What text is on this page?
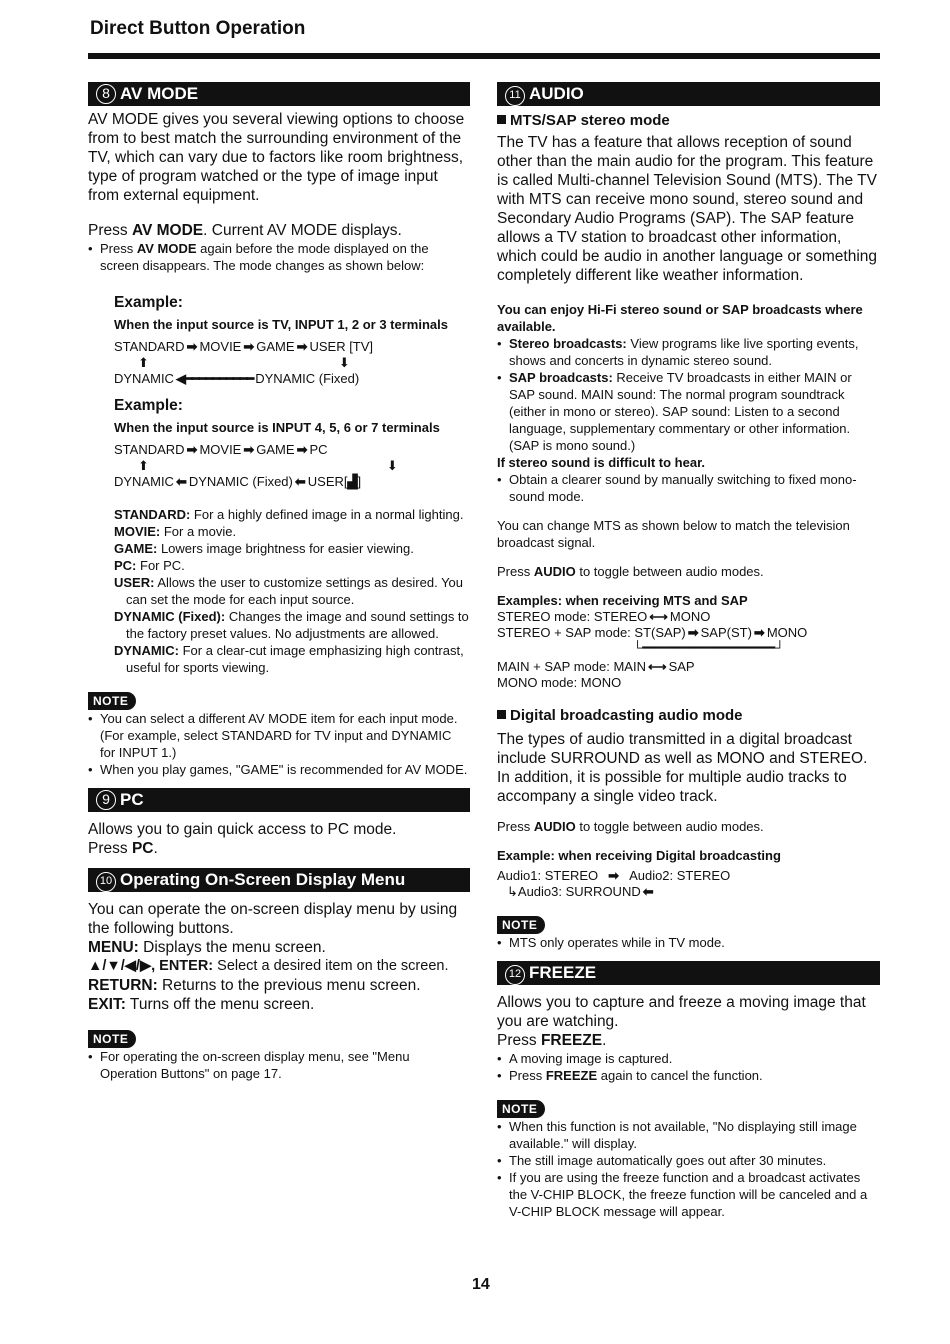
Direct Button Operation
8 AV MODE

AV MODE gives you several viewing options to choose from to best match the surrounding environment of the TV, which can vary due to factors like room brightness, type of program watched or the type of image input from external equipment.

Press AV MODE. Current AV MODE displays.

• Press AV MODE again before the mode displayed on the screen disappears. The mode changes as shown below:

Example:

When the input source is TV, INPUT 1, 2 or 3 terminals

STANDARD ➡ MOVIE ➡ GAME ➡ USER [TV]

⬆	⬇

DYNAMIC ◀━━━━━━━━━━ DYNAMIC (Fixed)

Example:

When the input source is INPUT 4, 5, 6 or 7 terminals

STANDARD ➡ MOVIE ➡ GAME ➡ PC

⬆	⬇

DYNAMIC ⬅ DYNAMIC (Fixed) ⬅ USER[▟]

STANDARD: For a highly defined image in a normal lighting.

MOVIE: For a movie.

GAME: Lowers image brightness for easier viewing.

PC: For PC.

USER: Allows the user to customize settings as desired. You can set the mode for each input source.

DYNAMIC (Fixed): Changes the image and sound settings to the factory preset values. No adjustments are allowed.

DYNAMIC: For a clear-cut image emphasizing high contrast, useful for sports viewing.

NOTE
• You can select a different AV MODE item for each input mode. (For example, select STANDARD for TV input and DYNAMIC for INPUT 1.)
• When you play games, "GAME" is recommended for AV MODE.
9 PC

Allows you to gain quick access to PC mode.

Press PC.

10 Operating On-Screen Display Menu

You can operate the on-screen display menu by using the following buttons.

MENU: Displays the menu screen.

▲/▼/◀/▶, ENTER: Select a desired item on the screen.

RETURN: Returns to the previous menu screen.

EXIT: Turns off the menu screen.

NOTE
• For operating the on-screen display menu, see "Menu Operation Buttons" on page 17.
11 AUDIO

MTS/SAP stereo mode

The TV has a feature that allows reception of sound other than the main audio for the program. This feature is called Multi-channel Television Sound (MTS). The TV with MTS can receive mono sound, stereo sound and Secondary Audio Programs (SAP). The SAP feature allows a TV station to broadcast other information, which could be audio in another language or something completely different like weather information.

You can enjoy Hi-Fi stereo sound or SAP broadcasts where available.

• Stereo broadcasts: View programs like live sporting events, shows and concerts in dynamic stereo sound.
• SAP broadcasts: Receive TV broadcasts in either MAIN or SAP sound. MAIN sound: The normal program soundtrack (either in mono or stereo). SAP sound: Listen to a second language, supplementary commentary or other information. (SAP is mono sound.)

If stereo sound is difficult to hear.

• Obtain a clearer sound by manually switching to fixed mono-sound mode.

You can change MTS as shown below to match the television broadcast signal.

Press AUDIO to toggle between audio modes.

Examples: when receiving MTS and SAP

STEREO mode: STEREO ⟷ MONO

STEREO + SAP mode: ST(SAP) ➡ SAP(ST) ➡ MONO

└━━━━━━━━━━━━━━━━━┘

MAIN + SAP mode: MAIN ⟷ SAP

MONO mode: MONO

Digital broadcasting audio mode

The types of audio transmitted in a digital broadcast include SURROUND as well as MONO and STEREO. In addition, it is possible for multiple audio tracks to accompany a single video track.

Press AUDIO to toggle between audio modes.

Example: when receiving Digital broadcasting

Audio1: STEREO ➡ Audio2: STEREO

↳Audio3: SURROUND ⬅

NOTE
• MTS only operates while in TV mode.
12 FREEZE

Allows you to capture and freeze a moving image that you are watching.

Press FREEZE.

• A moving image is captured.
• Press FREEZE again to cancel the function.
NOTE
• When this function is not available, "No displaying still image available." will display.
• The still image automatically goes out after 30 minutes.
• If you are using the freeze function and a broadcast activates the V-CHIP BLOCK, the freeze function will be canceled and a V-CHIP BLOCK message will appear.
14
